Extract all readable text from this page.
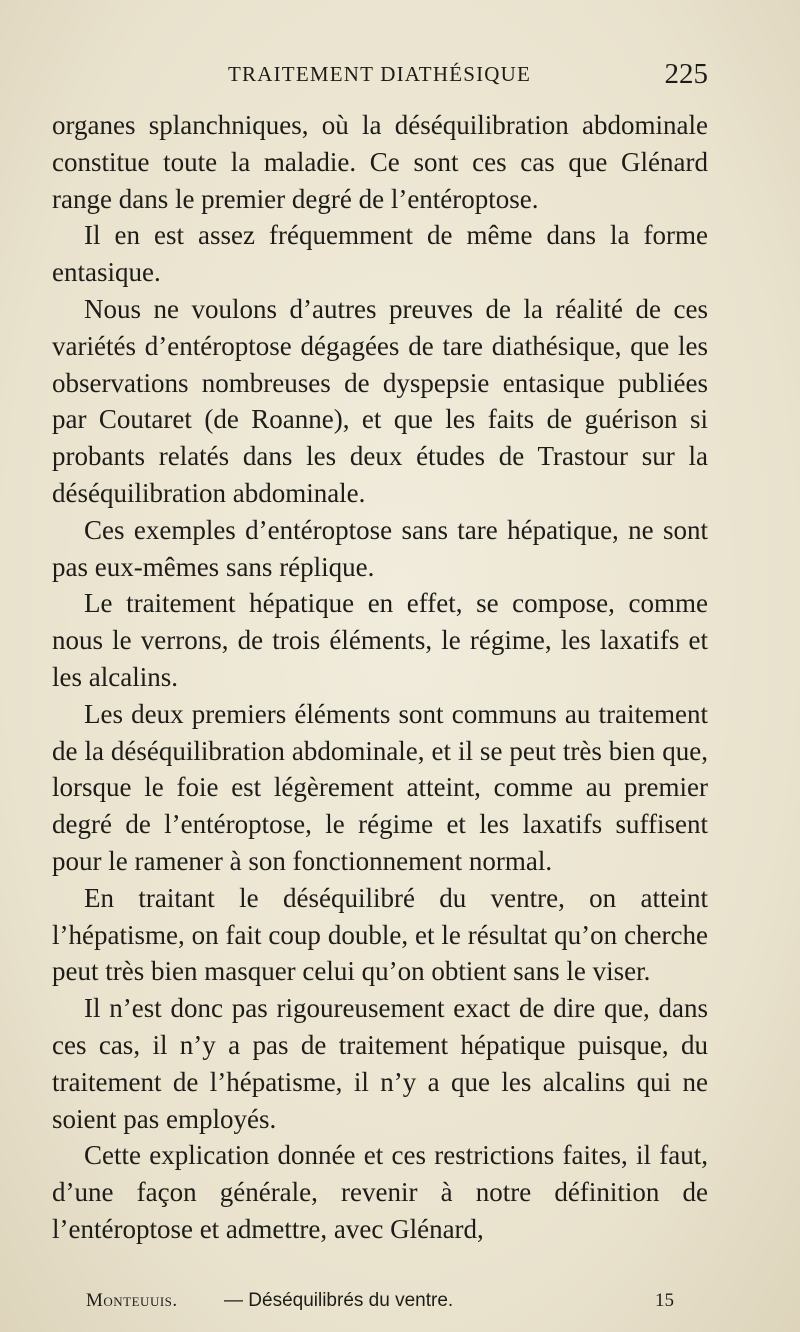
TRAITEMENT DIATHÉSIQUE	225

organes splanchniques, où la déséquilibration abdominale constitue toute la maladie. Ce sont ces cas que Glénard range dans le premier degré de l’entéroptose.

Il en est assez fréquemment de même dans la forme entasique.

Nous ne voulons d’autres preuves de la réalité de ces variétés d’entéroptose dégagées de tare diathésique, que les observations nombreuses de dyspepsie entasique publiées par Coutaret (de Roanne), et que les faits de guérison si probants relatés dans les deux études de Trastour sur la déséquilibration abdominale.

Ces exemples d’entéroptose sans tare hépatique, ne sont pas eux-mêmes sans réplique.

Le traitement hépatique en effet, se compose, comme nous le verrons, de trois éléments, le régime, les laxatifs et les alcalins.

Les deux premiers éléments sont communs au traitement de la déséquilibration abdominale, et il se peut très bien que, lorsque le foie est légèrement atteint, comme au premier degré de l’entéroptose, le régime et les laxatifs suffisent pour le ramener à son fonctionnement normal.

En traitant le déséquilibré du ventre, on atteint l’hépatisme, on fait coup double, et le résultat qu’on cherche peut très bien masquer celui qu’on obtient sans le viser.

Il n’est donc pas rigoureusement exact de dire que, dans ces cas, il n’y a pas de traitement hépatique puisque, du traitement de l’hépatisme, il n’y a que les alcalins qui ne soient pas employés.

Cette explication donnée et ces restrictions faites, il faut, d’une façon générale, revenir à notre définition de l’entéroptose et admettre, avec Glénard,

Monteuuis. — Déséquilibrés du ventre.	15
